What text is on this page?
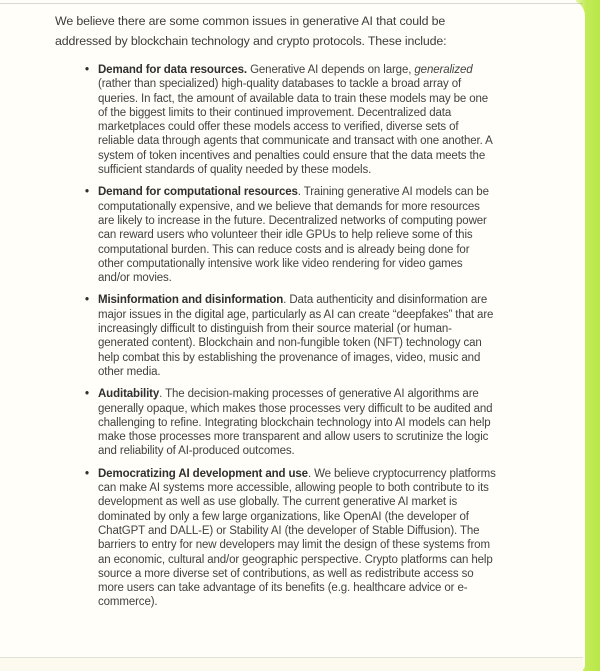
We believe there are some common issues in generative AI that could be addressed by blockchain technology and crypto protocols. These include:

• Demand for data resources. Generative AI depends on large, generalized (rather than specialized) high-quality databases to tackle a broad array of queries. In fact, the amount of available data to train these models may be one of the biggest limits to their continued improvement. Decentralized data marketplaces could offer these models access to verified, diverse sets of reliable data through agents that communicate and transact with one another. A system of token incentives and penalties could ensure that the data meets the sufficient standards of quality needed by these models.
• Demand for computational resources. Training generative AI models can be computationally expensive, and we believe that demands for more resources are likely to increase in the future. Decentralized networks of computing power can reward users who volunteer their idle GPUs to help relieve some of this computational burden. This can reduce costs and is already being done for other computationally intensive work like video rendering for video games and/or movies.
• Misinformation and disinformation. Data authenticity and disinformation are major issues in the digital age, particularly as AI can create “deepfakes” that are increasingly difficult to distinguish from their source material (or human-generated content). Blockchain and non-fungible token (NFT) technology can help combat this by establishing the provenance of images, video, music and other media.
• Auditability. The decision-making processes of generative AI algorithms are generally opaque, which makes those processes very difficult to be audited and challenging to refine. Integrating blockchain technology into AI models can help make those processes more transparent and allow users to scrutinize the logic and reliability of AI-produced outcomes.
• Democratizing AI development and use. We believe cryptocurrency platforms can make AI systems more accessible, allowing people to both contribute to its development as well as use globally. The current generative AI market is dominated by only a few large organizations, like OpenAI (the developer of ChatGPT and DALL-E) or Stability AI (the developer of Stable Diffusion). The barriers to entry for new developers may limit the design of these systems from an economic, cultural and/or geographic perspective. Crypto platforms can help source a more diverse set of contributions, as well as redistribute access so more users can take advantage of its benefits (e.g. healthcare advice or e-commerce).
